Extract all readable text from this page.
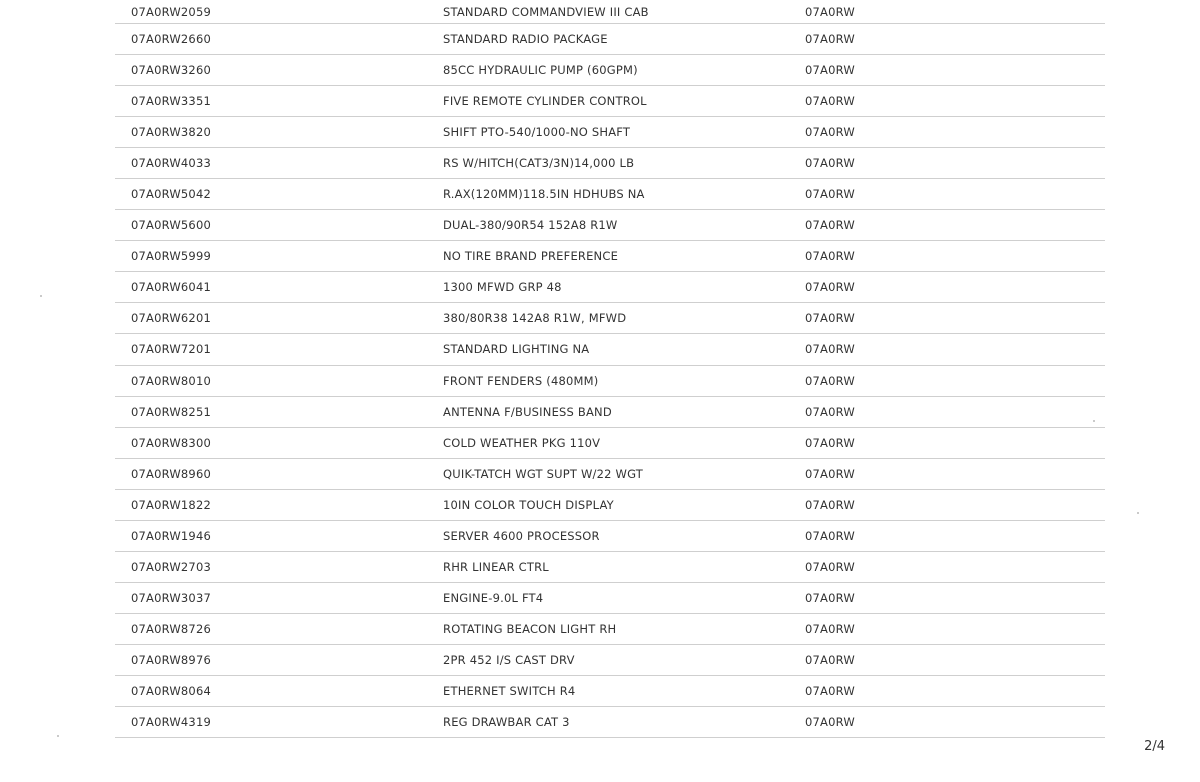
07A0RW2059	STANDARD COMMANDVIEW III CAB	07A0RW
07A0RW2660	STANDARD RADIO PACKAGE	07A0RW
07A0RW3260	85CC HYDRAULIC PUMP (60GPM)	07A0RW
07A0RW3351	FIVE REMOTE CYLINDER CONTROL	07A0RW
07A0RW3820	SHIFT PTO-540/1000-NO SHAFT	07A0RW
07A0RW4033	RS W/HITCH(CAT3/3N)14,000 LB	07A0RW
07A0RW5042	R.AX(120MM)118.5IN HDHUBS NA	07A0RW
07A0RW5600	DUAL-380/90R54 152A8 R1W	07A0RW
07A0RW5999	NO TIRE BRAND PREFERENCE	07A0RW
07A0RW6041	1300 MFWD GRP 48	07A0RW
07A0RW6201	380/80R38 142A8 R1W, MFWD	07A0RW
07A0RW7201	STANDARD LIGHTING NA	07A0RW
07A0RW8010	FRONT FENDERS (480MM)	07A0RW
07A0RW8251	ANTENNA F/BUSINESS BAND	07A0RW
07A0RW8300	COLD WEATHER PKG 110V	07A0RW
07A0RW8960	QUIK-TATCH WGT SUPT W/22 WGT	07A0RW
07A0RW1822	10IN COLOR TOUCH DISPLAY	07A0RW
07A0RW1946	SERVER 4600 PROCESSOR	07A0RW
07A0RW2703	RHR LINEAR CTRL	07A0RW
07A0RW3037	ENGINE-9.0L FT4	07A0RW
07A0RW8726	ROTATING BEACON LIGHT RH	07A0RW
07A0RW8976	2PR 452 I/S CAST DRV	07A0RW
07A0RW8064	ETHERNET SWITCH R4	07A0RW
07A0RW4319	REG DRAWBAR CAT 3	07A0RW
2/4
